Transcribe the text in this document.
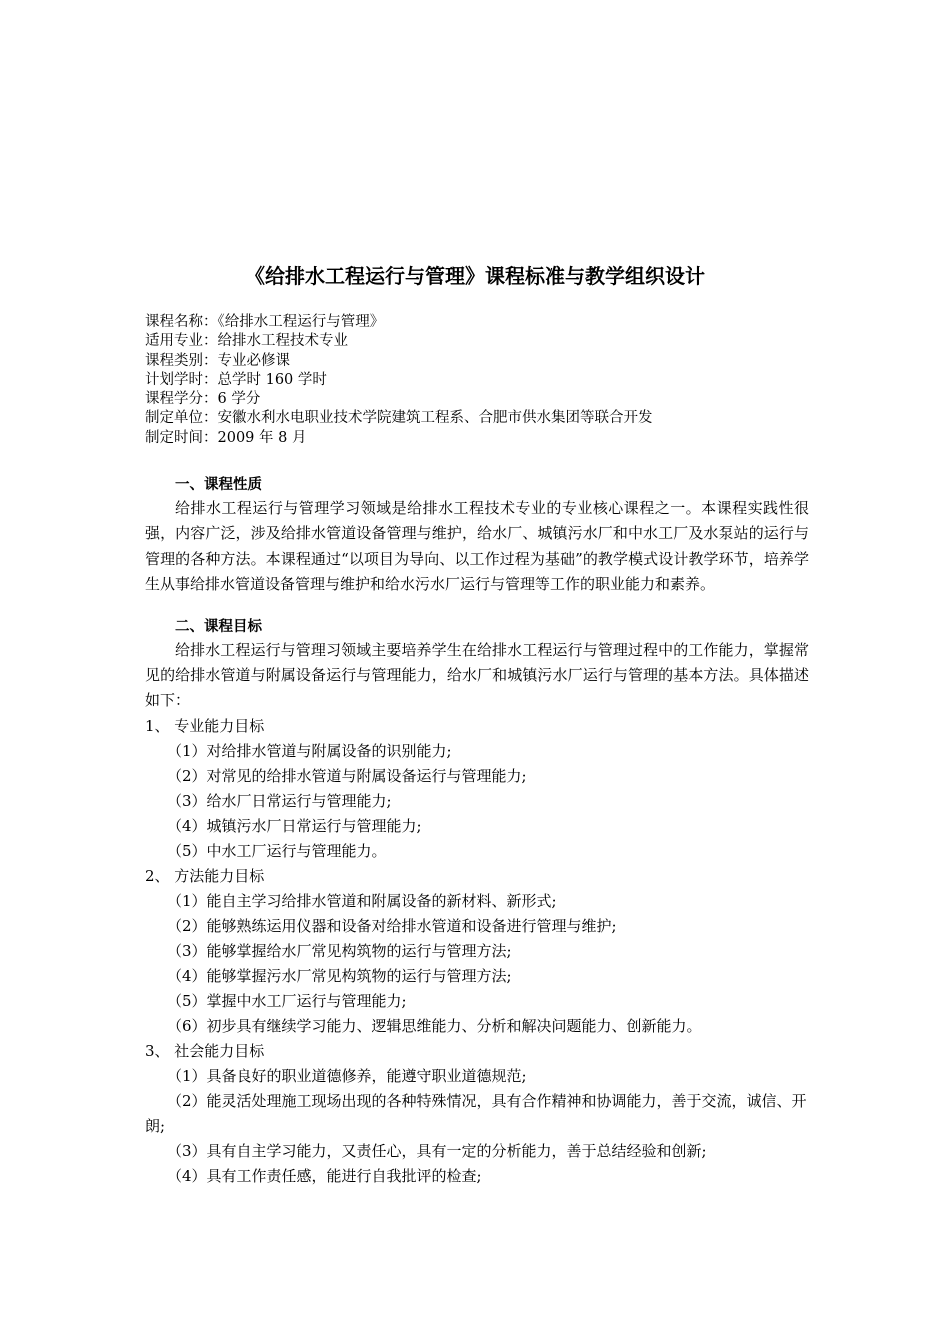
《给排水工程运行与管理》课程标准与教学组织设计
课程名称：《给排水工程运行与管理》
适用专业：给排水工程技术专业
课程类别：专业必修课
计划学时：总学时 160 学时
课程学分：6 学分
制定单位：安徽水利水电职业技术学院建筑工程系、合肥市供水集团等联合开发
制定时间：2009 年 8 月
一、课程性质

给排水工程运行与管理学习领域是给排水工程技术专业的专业核心课程之一。本课程实践性很强，内容广泛，涉及给排水管道设备管理与维护，给水厂、城镇污水厂和中水工厂及水泵站的运行与管理的各种方法。本课程通过“以项目为导向、以工作过程为基础”的教学模式设计教学环节，培养学生从事给排水管道设备管理与维护和给水污水厂运行与管理等工作的职业能力和素养。

二、课程目标

给排水工程运行与管理习领域主要培养学生在给排水工程运行与管理过程中的工作能力，掌握常见的给排水管道与附属设备运行与管理能力，给水厂和城镇污水厂运行与管理的基本方法。具体描述如下：

1、 专业能力目标
（1）对给排水管道与附属设备的识别能力;
（2）对常见的给排水管道与附属设备运行与管理能力;
（3）给水厂日常运行与管理能力;
（4）城镇污水厂日常运行与管理能力;
（5）中水工厂运行与管理能力。
2、 方法能力目标
（1）能自主学习给排水管道和附属设备的新材料、新形式;
（2）能够熟练运用仪器和设备对给排水管道和设备进行管理与维护;
（3）能够掌握给水厂常见构筑物的运行与管理方法;
（4）能够掌握污水厂常见构筑物的运行与管理方法;
（5）掌握中水工厂运行与管理能力;
（6）初步具有继续学习能力、逻辑思维能力、分析和解决问题能力、创新能力。
3、 社会能力目标
（1）具备良好的职业道德修养，能遵守职业道德规范;
（2）能灵活处理施工现场出现的各种特殊情况，具有合作精神和协调能力，善于交流，诚信、开朗;
（3）具有自主学习能力，又责任心，具有一定的分析能力，善于总结经验和创新;
（4）具有工作责任感，能进行自我批评的检查;
